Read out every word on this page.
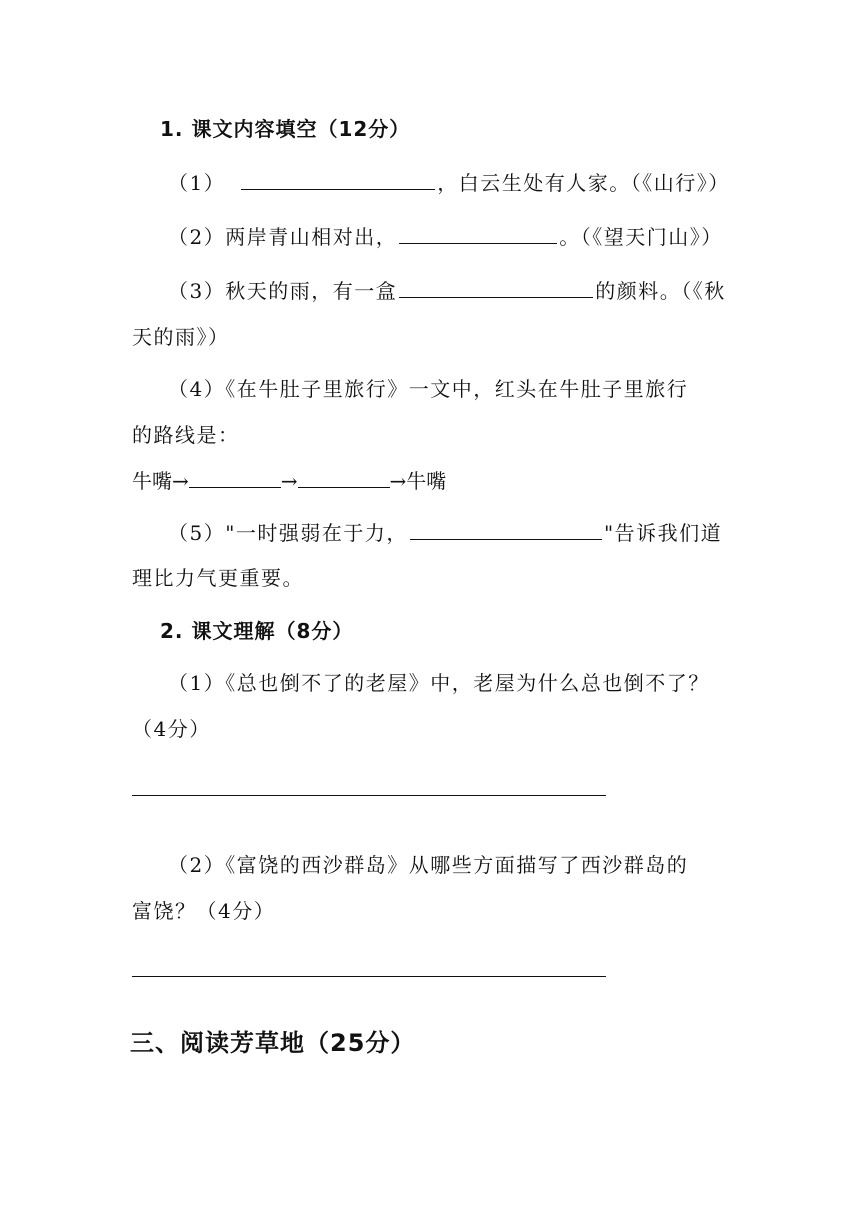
1. 课文内容填空（12分）
（1）	，白云生处有人家。（《山行》）
（2）两岸青山相对出，	。（《望天门山》）
（3）秋天的雨，有一盒	的颜料。（《秋
天的雨》）
（4）《在牛肚子里旅行》一文中，红头在牛肚子里旅行
的路线是：
牛嘴→	→	→牛嘴
（5）"一时强弱在于力，	"告诉我们道
理比力气更重要。
2. 课文理解（8分）
（1）《总也倒不了的老屋》中，老屋为什么总也倒不了？
（4分）
（2）《富饶的西沙群岛》从哪些方面描写了西沙群岛的
富饶？（4分）
三、阅读芳草地（25分）
